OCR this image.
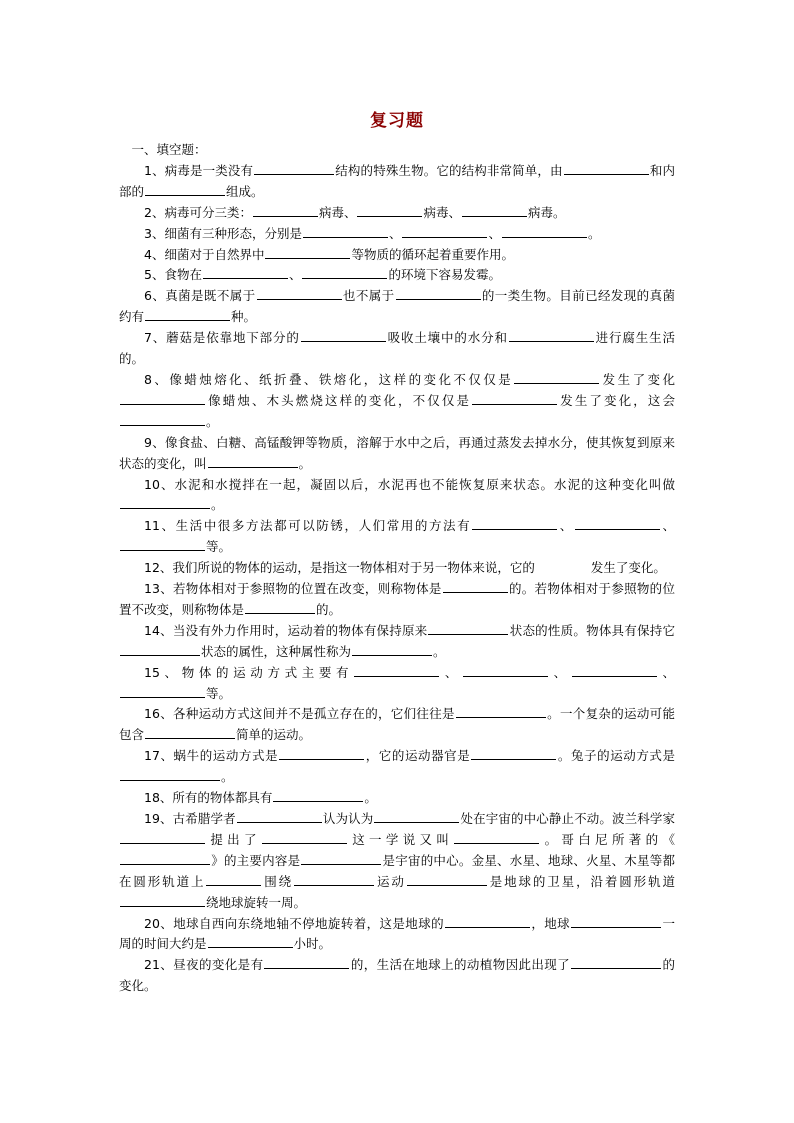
复习题

一、填空题：

1、病毒是一类没有	结构的特殊生物。它的结构非常简单，由	和内部的	组成。

2、病毒可分三类：	病毒、	病毒、	病毒。

3、细菌有三种形态，分别是	、	、	。

4、细菌对于自然界中	等物质的循环起着重要作用。

5、食物在	、	的环境下容易发霉。

6、真菌是既不属于	也不属于	的一类生物。目前已经发现的真菌约有	种。

7、蘑菇是依靠地下部分的	吸收土壤中的水分和	进行腐生生活的。

8、像蜡烛熔化、纸折叠、铁熔化，这样的变化不仅仅是	发生了变化像蜡烛、木头燃烧这样的变化，不仅仅是	发生了变化，这会。

9、像食盐、白糖、高锰酸钾等物质，溶解于水中之后，再通过蒸发去掉水分，使其恢复到原来状态的变化，叫	。

10、水泥和水搅拌在一起，凝固以后，水泥再也不能恢复原来状态。水泥的这种变化叫做。

11、生活中很多方法都可以防锈，人们常用的方法有	、	、等。

12、我们所说的物体的运动，是指这一物体相对于另一物体来说，它的	发生了变化。

13、若物体相对于参照物的位置在改变，则称物体是	的。若物体相对于参照物的位置不改变，则称物体是	的。

14、当没有外力作用时，运动着的物体有保持原来	状态的性质。物体具有保持它状态的属性，这种属性称为	。

15、物体的运动方式主要有	、	、	、等。

16、各种运动方式这间并不是孤立存在的，它们往往是	。一个复杂的运动可能包含	简单的运动。

17、蜗牛的运动方式是	，它的运动器官是	。兔子的运动方式是。

18、所有的物体都具有	。

19、古希腊学者	认为认为	处在宇宙的中心静止不动。波兰科学家提出了	这一学说又叫	。哥白尼所著的《》的主要内容是	是宇宙的中心。金星、水星、地球、火星、木星等都在圆形轨道上	围绕	运动	是地球的卫星，沿着圆形轨道绕地球旋转一周。

20、地球自西向东绕地轴不停地旋转着，这是地球的	，地球	一周的时间大约是	小时。

21、昼夜的变化是有	的，生活在地球上的动植物因此出现了	的变化。
